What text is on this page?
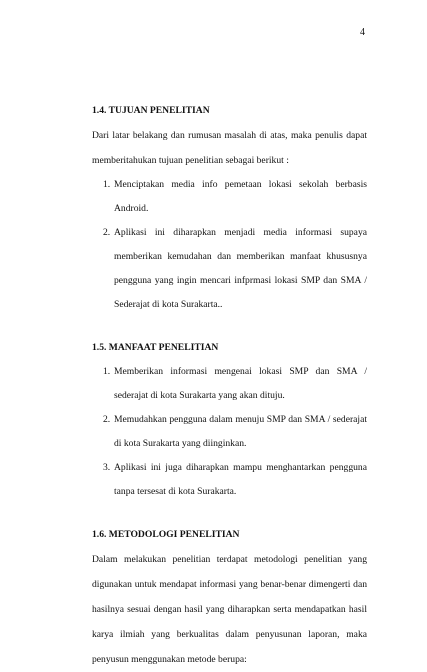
4
1.4. TUJUAN PENELITIAN

Dari latar belakang dan rumusan masalah di atas, maka penulis dapat memberitahukan tujuan penelitian sebagai berikut :

1. Menciptakan media info pemetaan lokasi sekolah berbasis Android.
2. Aplikasi ini diharapkan menjadi media informasi supaya memberikan kemudahan dan memberikan manfaat khususnya pengguna yang ingin mencari infprmasi lokasi SMP dan SMA / Sederajat di kota Surakarta..
1.5. MANFAAT PENELITIAN
1. Memberikan informasi mengenai lokasi SMP dan SMA / sederajat di kota Surakarta yang akan dituju.
2. Memudahkan pengguna dalam menuju SMP dan SMA / sederajat di kota Surakarta yang diinginkan.
3. Aplikasi ini juga diharapkan mampu menghantarkan pengguna tanpa tersesat di kota Surakarta.
1.6. METODOLOGI PENELITIAN

Dalam melakukan penelitian terdapat metodologi penelitian yang digunakan untuk mendapat informasi yang benar-benar dimengerti dan hasilnya sesuai dengan hasil yang diharapkan serta mendapatkan hasil karya ilmiah yang berkualitas dalam penyusunan laporan, maka penyusun menggunakan metode berupa:
